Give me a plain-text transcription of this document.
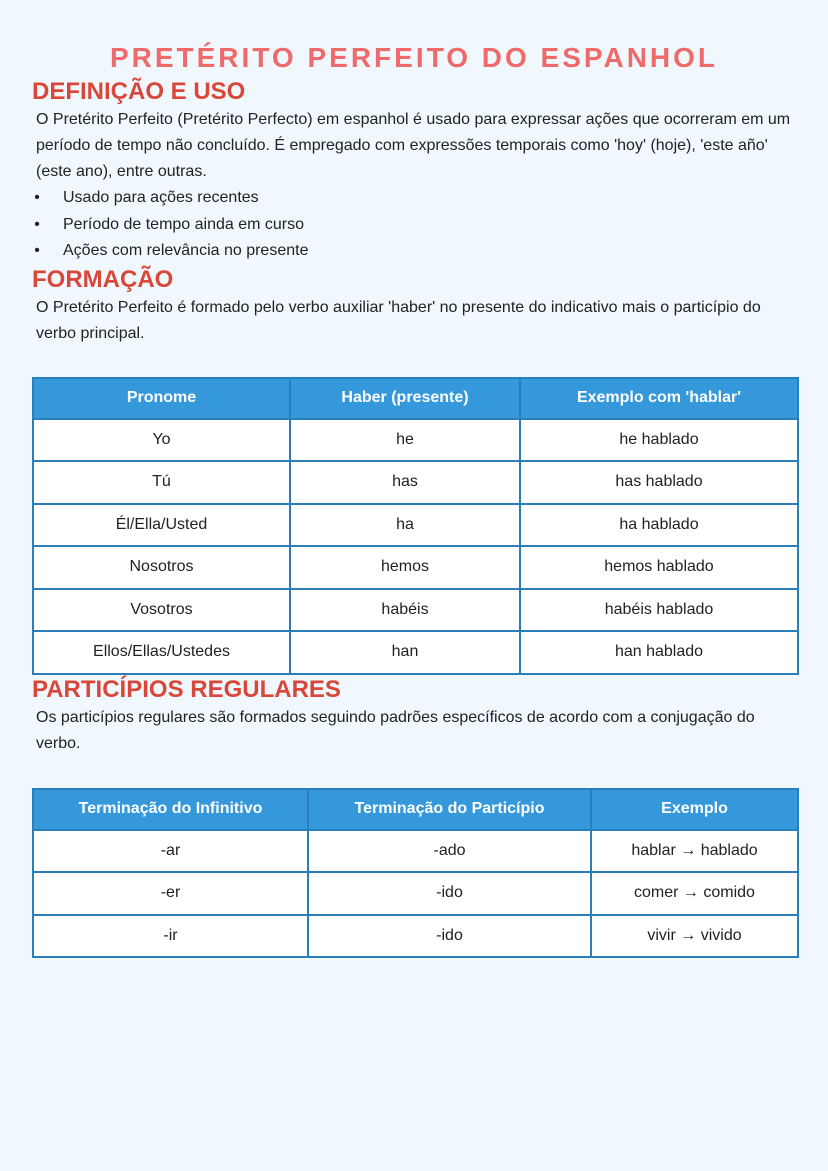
PRETÉRITO PERFEITO DO ESPANHOL
DEFINIÇÃO E USO

O Pretérito Perfeito (Pretérito Perfecto) em espanhol é usado para expressar ações que ocorreram em um período de tempo não concluído. É empregado com expressões temporais como 'hoy' (hoje), 'este año' (este ano), entre outras.

• Usado para ações recentes
• Período de tempo ainda em curso
• Ações com relevância no presente
FORMAÇÃO

O Pretérito Perfeito é formado pelo verbo auxiliar 'haber' no presente do indicativo mais o particípio do verbo principal.

Pronome	Haber (presente)	Exemplo com 'hablar'
Yo	he	he hablado
Tú	has	has hablado
Él/Ella/Usted	ha	ha hablado
Nosotros	hemos	hemos hablado
Vosotros	habéis	habéis hablado
Ellos/Ellas/Ustedes	han	han hablado
PARTICÍPIOS REGULARES

Os particípios regulares são formados seguindo padrões específicos de acordo com a conjugação do verbo.

Terminação do Infinitivo	Terminação do Particípio	Exemplo
-ar	-ado	hablar → hablado
-er	-ido	comer → comido
-ir	-ido	vivir → vivido
